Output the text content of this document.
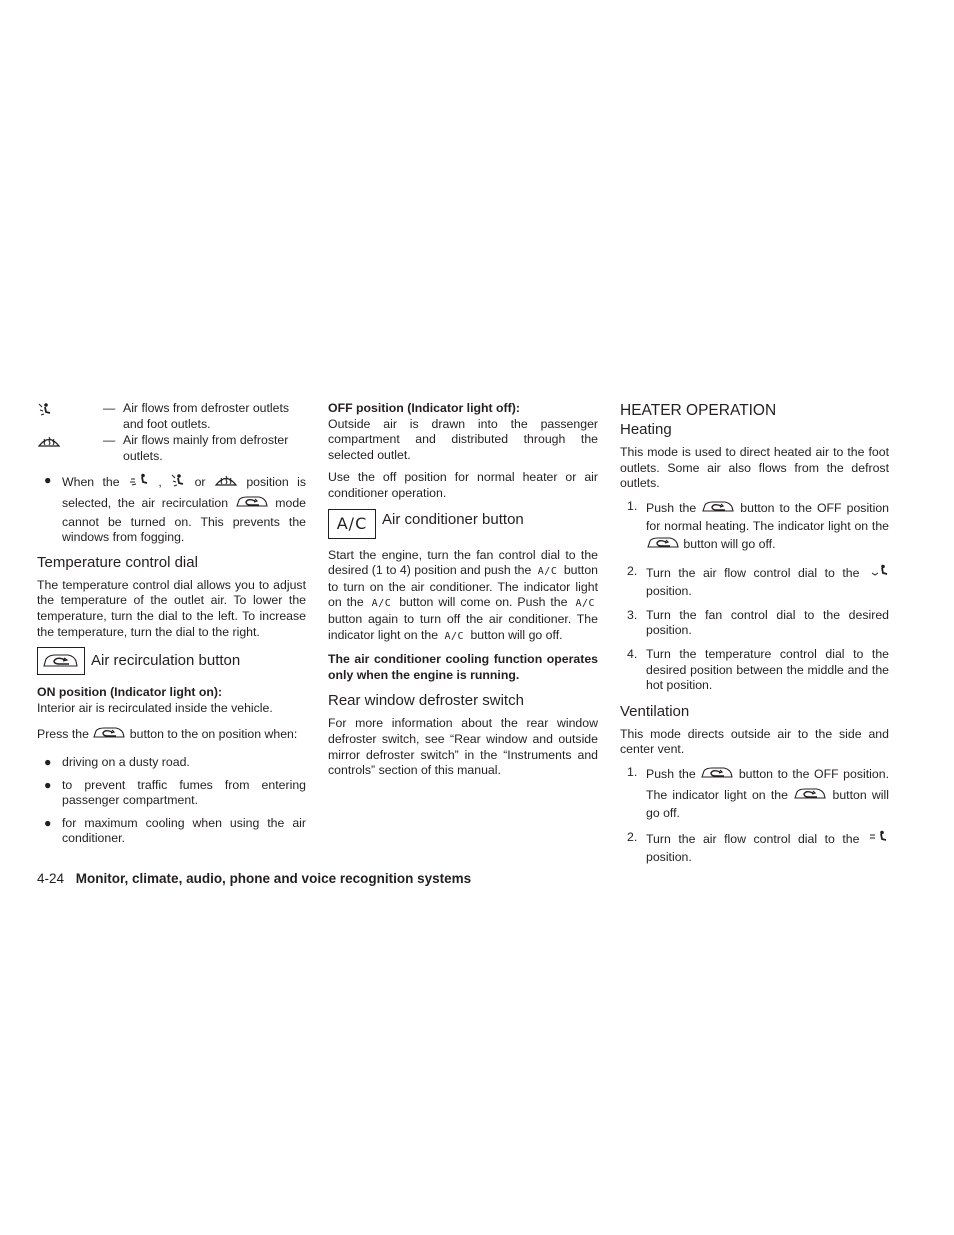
— Air flows from defroster outlets and foot outlets.
— Air flows mainly from defroster outlets.
● When the	,	or	position is selected, the air recirculation	mode cannot be turned on. This prevents the windows from fogging.
Temperature control dial

The temperature control dial allows you to adjust the temperature of the outlet air. To lower the temperature, turn the dial to the left. To increase the temperature, turn the dial to the right.

Air recirculation button

ON position (Indicator light on):

Interior air is recirculated inside the vehicle.

Press the	button to the on position when:

● driving on a dusty road.
● to prevent traffic fumes from entering passenger compartment.
● for maximum cooling when using the air conditioner.

OFF position (Indicator light off):

Outside air is drawn into the passenger compartment and distributed through the selected outlet.

Use the off position for normal heater or air conditioner operation.

A/C Air conditioner button

Start the engine, turn the fan control dial to the desired (1 to 4) position and push the A/C button to turn on the air conditioner. The indicator light on the A/C button will come on. Push the A/C button again to turn off the air conditioner. The indicator light on the A/C button will go off.

The air conditioner cooling function operates only when the engine is running.

Rear window defroster switch

For more information about the rear window defroster switch, see “Rear window and outside mirror defroster switch” in the “Instruments and controls” section of this manual.

HEATER OPERATION
Heating

This mode is used to direct heated air to the foot outlets. Some air also flows from the defrost outlets.

1. Push the	button to the OFF position for normal heating. The indicator light on the  button will go off.
2. Turn the air flow control dial to the  position.
3. Turn the fan control dial to the desired position.
4. Turn the temperature control dial to the desired position between the middle and the hot position.
Ventilation

This mode directs outside air to the side and center vent.

1. Push the	button to the OFF position. The indicator light on the	button will go off.
2. Turn the air flow control dial to the  position.
4-24 Monitor, climate, audio, phone and voice recognition systems
